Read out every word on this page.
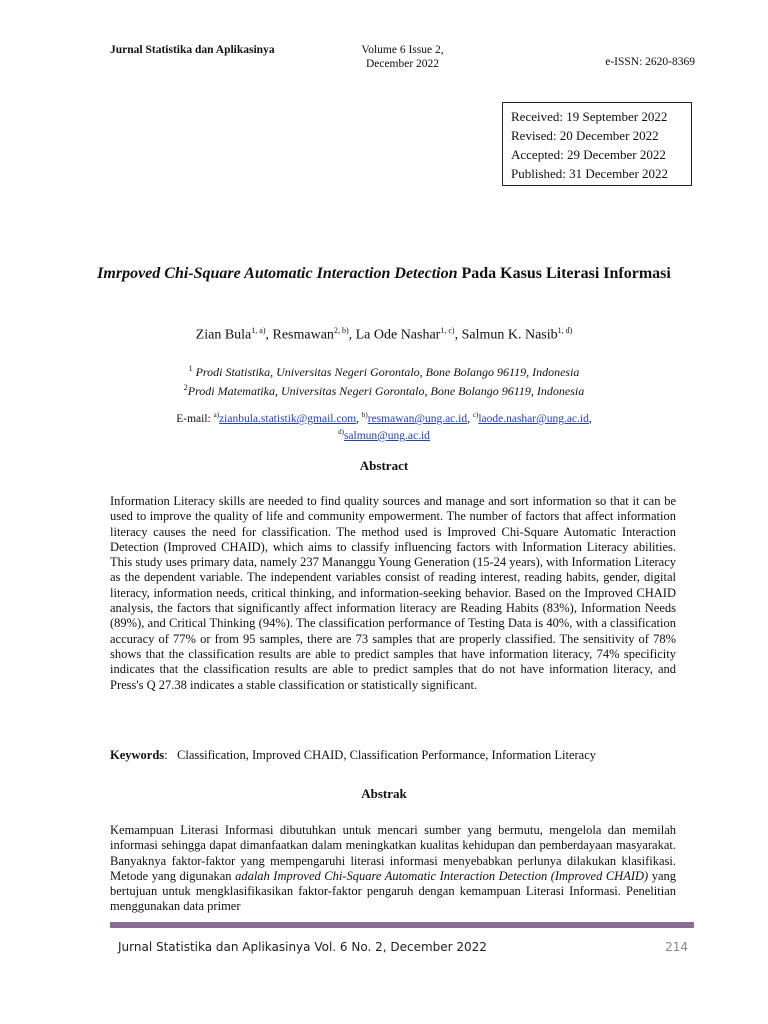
Jurnal Statistika dan Aplikasinya	Volume 6 Issue 2,
December 2022	e-ISSN: 2620-8369
Received: 19 September 2022
Revised: 20 December 2022
Accepted: 29 December 2022
Published: 31 December 2022
Imrpoved Chi-Square Automatic Interaction Detection Pada Kasus Literasi Informasi
Zian Bula$^{1, a)}$, Resmawan$^{2, b)}$, La Ode Nashar$^{1, c)}$, Salmun K. Nasib$^{1, d)}$
$^1$ Prodi Statistika, Universitas Negeri Gorontalo, Bone Bolango 96119, Indonesia
$^2$Prodi Matematika, Universitas Negeri Gorontalo, Bone Bolango 96119, Indonesia
E-mail: $^{a)}$zianbula.statistik@gmail.com, $^{b)}$resmawan@ung.ac.id, $^{c)}$laode.nashar@ung.ac.id,
$^{d)}$salmun@ung.ac.id
Abstract
Information Literacy skills are needed to find quality sources and manage and sort information so that it can be used to improve the quality of life and community empowerment. The number of factors that affect information literacy causes the need for classification. The method used is Improved Chi-Square Automatic Interaction Detection (Improved CHAID), which aims to classify influencing factors with Information Literacy abilities. This study uses primary data, namely 237 Mananggu Young Generation (15-24 years), with Information Literacy as the dependent variable. The independent variables consist of reading interest, reading habits, gender, digital literacy, information needs, critical thinking, and information-seeking behavior. Based on the Improved CHAID analysis, the factors that significantly affect information literacy are Reading Habits (83%), Information Needs (89%), and Critical Thinking (94%). The classification performance of Testing Data is 40%, with a classification accuracy of 77% or from 95 samples, there are 73 samples that are properly classified. The sensitivity of 78% shows that the classification results are able to predict samples that have information literacy, 74% specificity indicates that the classification results are able to predict samples that do not have information literacy, and Press's Q 27.38 indicates a stable classification or statistically significant.
Keywords:   Classification, Improved CHAID, Classification Performance, Information Literacy
Abstrak
Kemampuan Literasi Informasi dibutuhkan untuk mencari sumber yang bermutu, mengelola dan memilah informasi sehingga dapat dimanfaatkan dalam meningkatkan kualitas kehidupan dan pemberdayaan masyarakat. Banyaknya faktor-faktor yang mempengaruhi literasi informasi menyebabkan perlunya dilakukan klasifikasi. Metode yang digunakan adalah Improved Chi-Square Automatic Interaction Detection (Improved CHAID) yang bertujuan untuk mengklasifikasikan faktor-faktor pengaruh dengan kemampuan Literasi Informasi. Penelitian menggunakan data primer
Jurnal Statistika dan Aplikasinya Vol. 6 No. 2, December 2022	214
